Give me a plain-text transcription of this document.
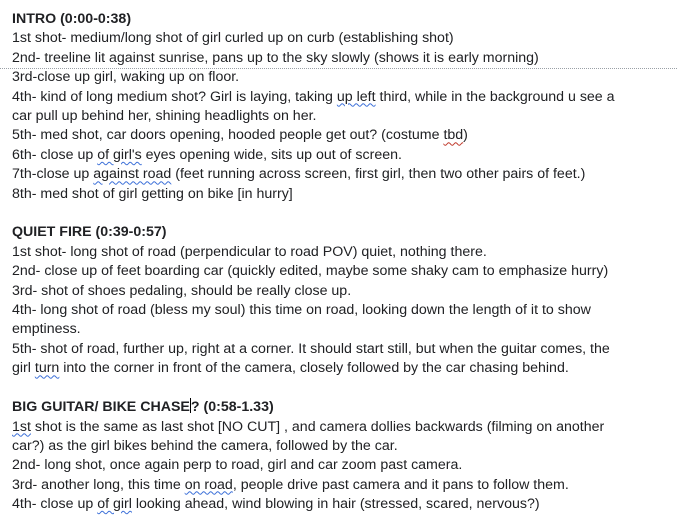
INTRO (0:00-0:38)
1st shot- medium/long shot of girl curled up on curb (establishing shot)
2nd- treeline lit against sunrise, pans up to the sky slowly (shows it is early morning)
3rd-close up girl, waking up on floor.
4th- kind of long medium shot? Girl is laying, taking up left third, while in the background u see a
car pull up behind her, shining headlights on her.
5th- med shot, car doors opening, hooded people get out? (costume tbd)
6th- close up of girl's eyes opening wide, sits up out of screen.
7th-close up against road (feet running across screen, first girl, then two other pairs of feet.)
8th- med shot of girl getting on bike [in hurry]
QUIET FIRE (0:39-0:57)
1st shot- long shot of road (perpendicular to road POV) quiet, nothing there.
2nd- close up of feet boarding car (quickly edited, maybe some shaky cam to emphasize hurry)
3rd- shot of shoes pedaling, should be really close up.
4th- long shot of road (bless my soul) this time on road, looking down the length of it to show
emptiness.
5th- shot of road, further up, right at a corner. It should start still, but when the guitar comes, the
girl turn into the corner in front of the camera, closely followed by the car chasing behind.
BIG GUITAR/ BIKE CHASE? (0:58-1.33)
1st shot is the same as last shot [NO CUT] , and camera dollies backwards (filming on another
car?) as the girl bikes behind the camera, followed by the car.
2nd- long shot, once again perp to road, girl and car zoom past camera.
3rd- another long, this time on road, people drive past camera and it pans to follow them.
4th- close up of girl looking ahead, wind blowing in hair (stressed, scared, nervous?)
